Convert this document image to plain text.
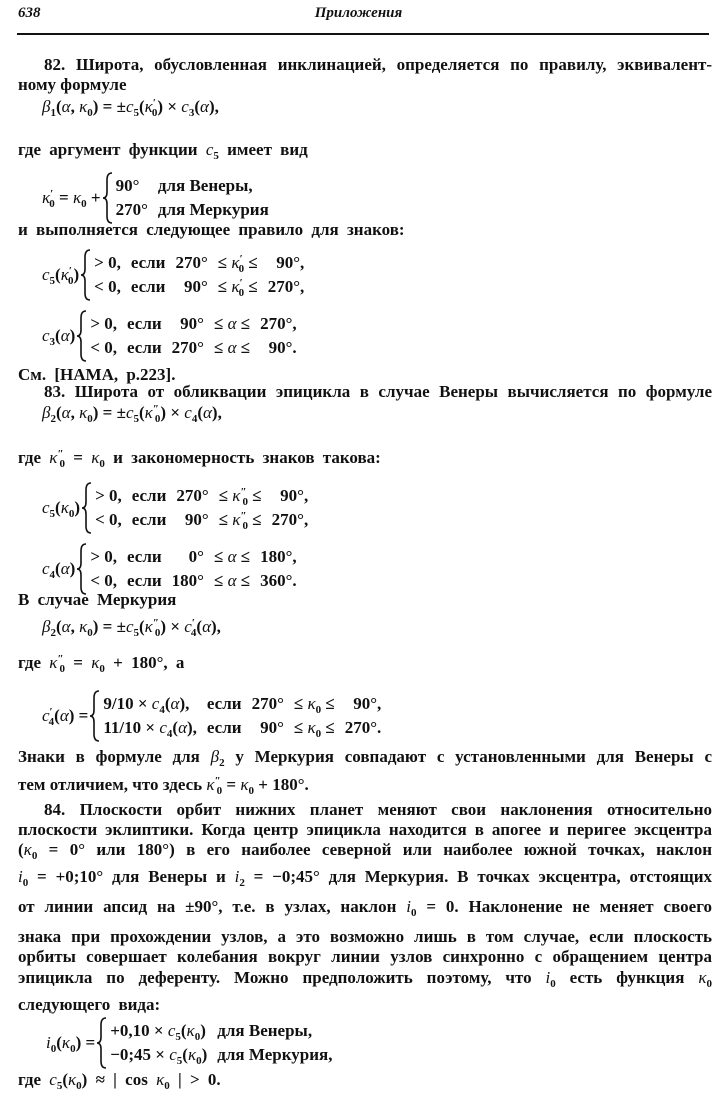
638	Приложения
82. Широта, обусловленная инклинацией, определяется по правилу, эквивалент-
ному формуле
$\beta_1(\alpha$, $\kappa_0) = \pm c_5(\kappa'_0) \times c_3(\alpha)$,
где аргумент функции $c_5$ имеет вид
$\kappa'_0 = \kappa_0$ +
90°	для Венеры,
270° для Меркурия
и выполняется следующее правило для знаков:
$c_5(\kappa'_0)$
> 0, если $270^\circ \le \kappa'_0$ ≤	90°,
< 0, если	$90^\circ \le \kappa'_0 \le 270^\circ$,
$c_3(\alpha)$
> 0, если	90° ≤ α ≤ 270°,
< 0, если 270° ≤ α ≤	90°.
См. [НАМА, р.223].
83. Широта от обликвации эпицикла в случае Венеры вычисляется по формуле
$\beta_2(\alpha$, $\kappa_0) = \pm c_5(\kappa''_0) \times c_4(\alpha)$,
где $\kappa''_0 = \kappa_0$ и закономерность знаков такова:
$c_5(\kappa_0)$
> 0, если $270^\circ \le \kappa''_0$ ≤	90°,
< 0, если	$90^\circ \le \kappa''_0 \le 270^\circ$,
$c_4(\alpha)$
> 0, если	0° ≤ α ≤ 180°,
< 0, если 180° ≤ α ≤ 360°.
В случае Меркурия
$\beta_2(\alpha$, $\kappa_0) = \pm c_5(\kappa''_0) \times c'_4(\alpha)$,
где $\kappa''_0 = \kappa_0 + 180^\circ$, а
$c'_4(\alpha)$ =
$9/10 \times c_4(\alpha)$,	если $270^\circ \le \kappa_0$ ≤	90°,
$11/10 \times c_4(\alpha)$, если	$90^\circ \le \kappa_0 \le 270^\circ$.
Знаки в формуле для $\beta_2$ у Меркурия совпадают с установленными для Венеры с
тем отличием, что здесь $\kappa''_0 = \kappa_0 + 180^\circ$.
84. Плоскости орбит нижних планет меняют свои наклонения относительно
плоскости эклиптики. Когда центр эпицикла находится в апогее и перигее эксцентра
($\kappa_0 = 0^\circ$ или 180°) в его наиболее северной или наиболее южной точках, наклон
$i_0$ = +0;10° для Венеры и $i_2$ = −0;45° для Меркурия. В точках эксцентра, отстоящих
от линии апсид на ±90°, т.е. в узлах, наклон $i_0 = 0$. Наклонение не меняет своего
знака при прохождении узлов, а это возможно лишь в том случае, если плоскость
орбиты совершает колебания вокруг линии узлов синхронно с обращением центра
эпицикла по деференту. Можно предположить поэтому, что $i_0$ есть функция $\kappa_0$
следующего вида:
$i_0(\kappa_0)$ =
$+0,10 \times c_5(\kappa_0)$ для Венеры,
−0;45 × $c_5(\kappa_0)$ для Меркурия,
где $c_5(\kappa_0)$ ≈ | $\cos \kappa_0$ | > 0.
